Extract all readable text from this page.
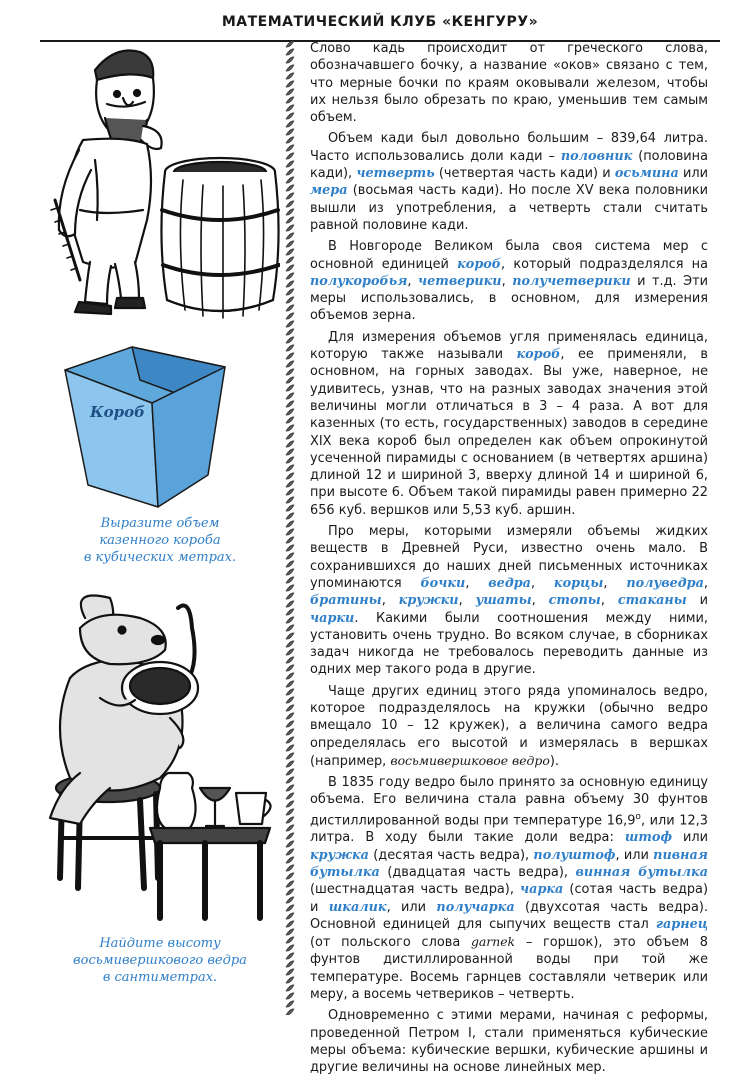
МАТЕМАТИЧЕСКИЙ КЛУБ «КЕНГУРУ»
Короб
Выразите объем
казенного короба
в кубических метрах.
Найдите высоту
восьмивершкового ведра
в сантиметрах.

Слово кадь происходит от греческого слова, обозначавшего бочку, а название «оков» связано с тем, что мерные бочки по краям оковывали железом, чтобы их нельзя было обрезать по краю, уменьшив тем самым объем.

Объем кади был довольно большим – 839,64 литра. Часто использовались доли кади – половник (половина кади), четверть (четвертая часть кади) и осьмина или мера (восьмая часть кади). Но после XV века половники вышли из употребления, а четверть стали считать равной половине кади.

В Новгороде Великом была своя система мер с основной единицей короб, который подразделялся на полукоробья, четверики, получетверики и т.д. Эти меры использовались, в основном, для измерения объемов зерна.

Для измерения объемов угля применялась единица, которую также называли короб, ее применяли, в основном, на горных заводах. Вы уже, наверное, не удивитесь, узнав, что на разных заводах значения этой величины могли отличаться в 3 – 4 раза. А вот для казенных (то есть, государственных) заводов в середине XIX века короб был определен как объем опрокинутой усеченной пирамиды с основанием (в четвертях аршина) длиной 12 и шириной 3, вверху длиной 14 и шириной 6, при высоте 6. Объем такой пирамиды равен примерно 22 656 куб. вершков или 5,53 куб. аршин.

Про меры, которыми измеряли объемы жидких веществ в Древней Руси, известно очень мало. В сохранившихся до наших дней письменных источниках упоминаются бочки, ведра, корцы, полуведра, братины, кружки, ушаты, стопы, стаканы и чарки. Какими были соотношения между ними, установить очень трудно. Во всяком случае, в сборниках задач никогда не требовалось переводить данные из одних мер такого рода в другие.

Чаще других единиц этого ряда упоминалось ведро, которое подразделялось на кружки (обычно ведро вмещало 10 – 12 кружек), а величина самого ведра определялась его высотой и измерялась в вершках (например, восьмивершковое ведро).

В 1835 году ведро было принято за основную единицу объема. Его величина стала равна объему 30 фунтов дистиллированной воды при температуре 16,9$^o$, или 12,3 литра. В ходу были такие доли ведра: штоф или кружка (десятая часть ведра), полуштоф, или пивная бутылка (двадцатая часть ведра), винная бутылка (шестнадцатая часть ведра), чарка (сотая часть ведра) и шкалик, или получарка (двухсотая часть ведра). Основной единицей для сыпучих веществ стал гарнец (от польского слова garnek – горшок), это объем 8 фунтов дистиллированной воды при той же температуре. Восемь гарнцев составляли четверик или меру, а восемь четвериков – четверть.

Одновременно с этими мерами, начиная с реформы, проведенной Петром I, стали применяться кубические меры объема: кубические вершки, кубические аршины и другие величины на основе линейных мер.
